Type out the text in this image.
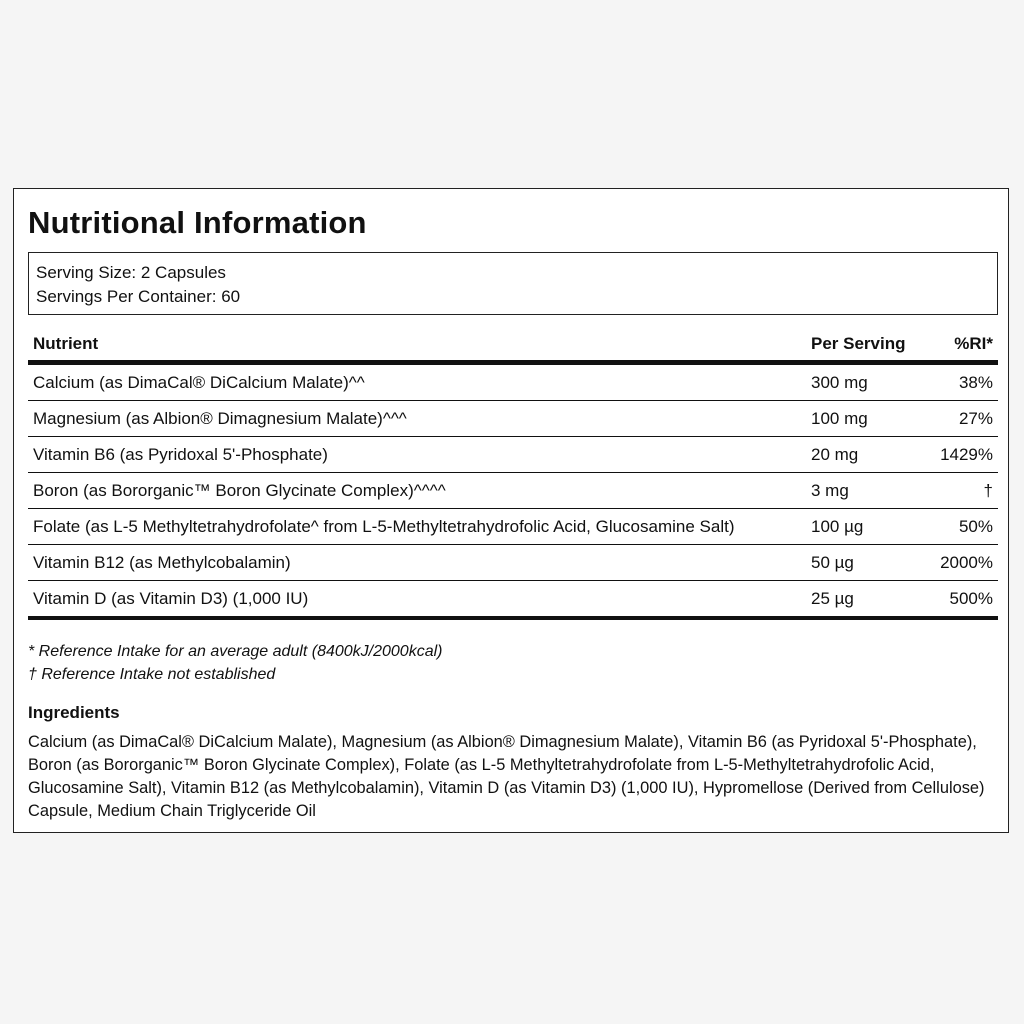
Nutritional Information
Serving Size: 2 Capsules
Servings Per Container: 60
Nutrient	Per Serving	%RI*
Calcium (as DimaCal® DiCalcium Malate)^^	300 mg	38%
Magnesium (as Albion® Dimagnesium Malate)^^^	100 mg	27%
Vitamin B6 (as Pyridoxal 5'-Phosphate)	20 mg	1429%
Boron (as Bororganic™ Boron Glycinate Complex)^^^^	3 mg	†
Folate (as L-5 Methyltetrahydrofolate^ from L-5-Methyltetrahydrofolic Acid, Glucosamine Salt)	100 µg	50%
Vitamin B12 (as Methylcobalamin)	50 µg	2000%
Vitamin D (as Vitamin D3) (1,000 IU)	25 µg	500%
* Reference Intake for an average adult (8400kJ/2000kcal)
† Reference Intake not established
Ingredients
Calcium (as DimaCal® DiCalcium Malate), Magnesium (as Albion® Dimagnesium Malate), Vitamin B6 (as Pyridoxal 5'-Phosphate), Boron (as Bororganic™ Boron Glycinate Complex), Folate (as L-5 Methyltetrahydrofolate from L-5-Methyltetrahydrofolic Acid, Glucosamine Salt), Vitamin B12 (as Methylcobalamin), Vitamin D (as Vitamin D3) (1,000 IU), Hypromellose (Derived from Cellulose) Capsule, Medium Chain Triglyceride Oil
